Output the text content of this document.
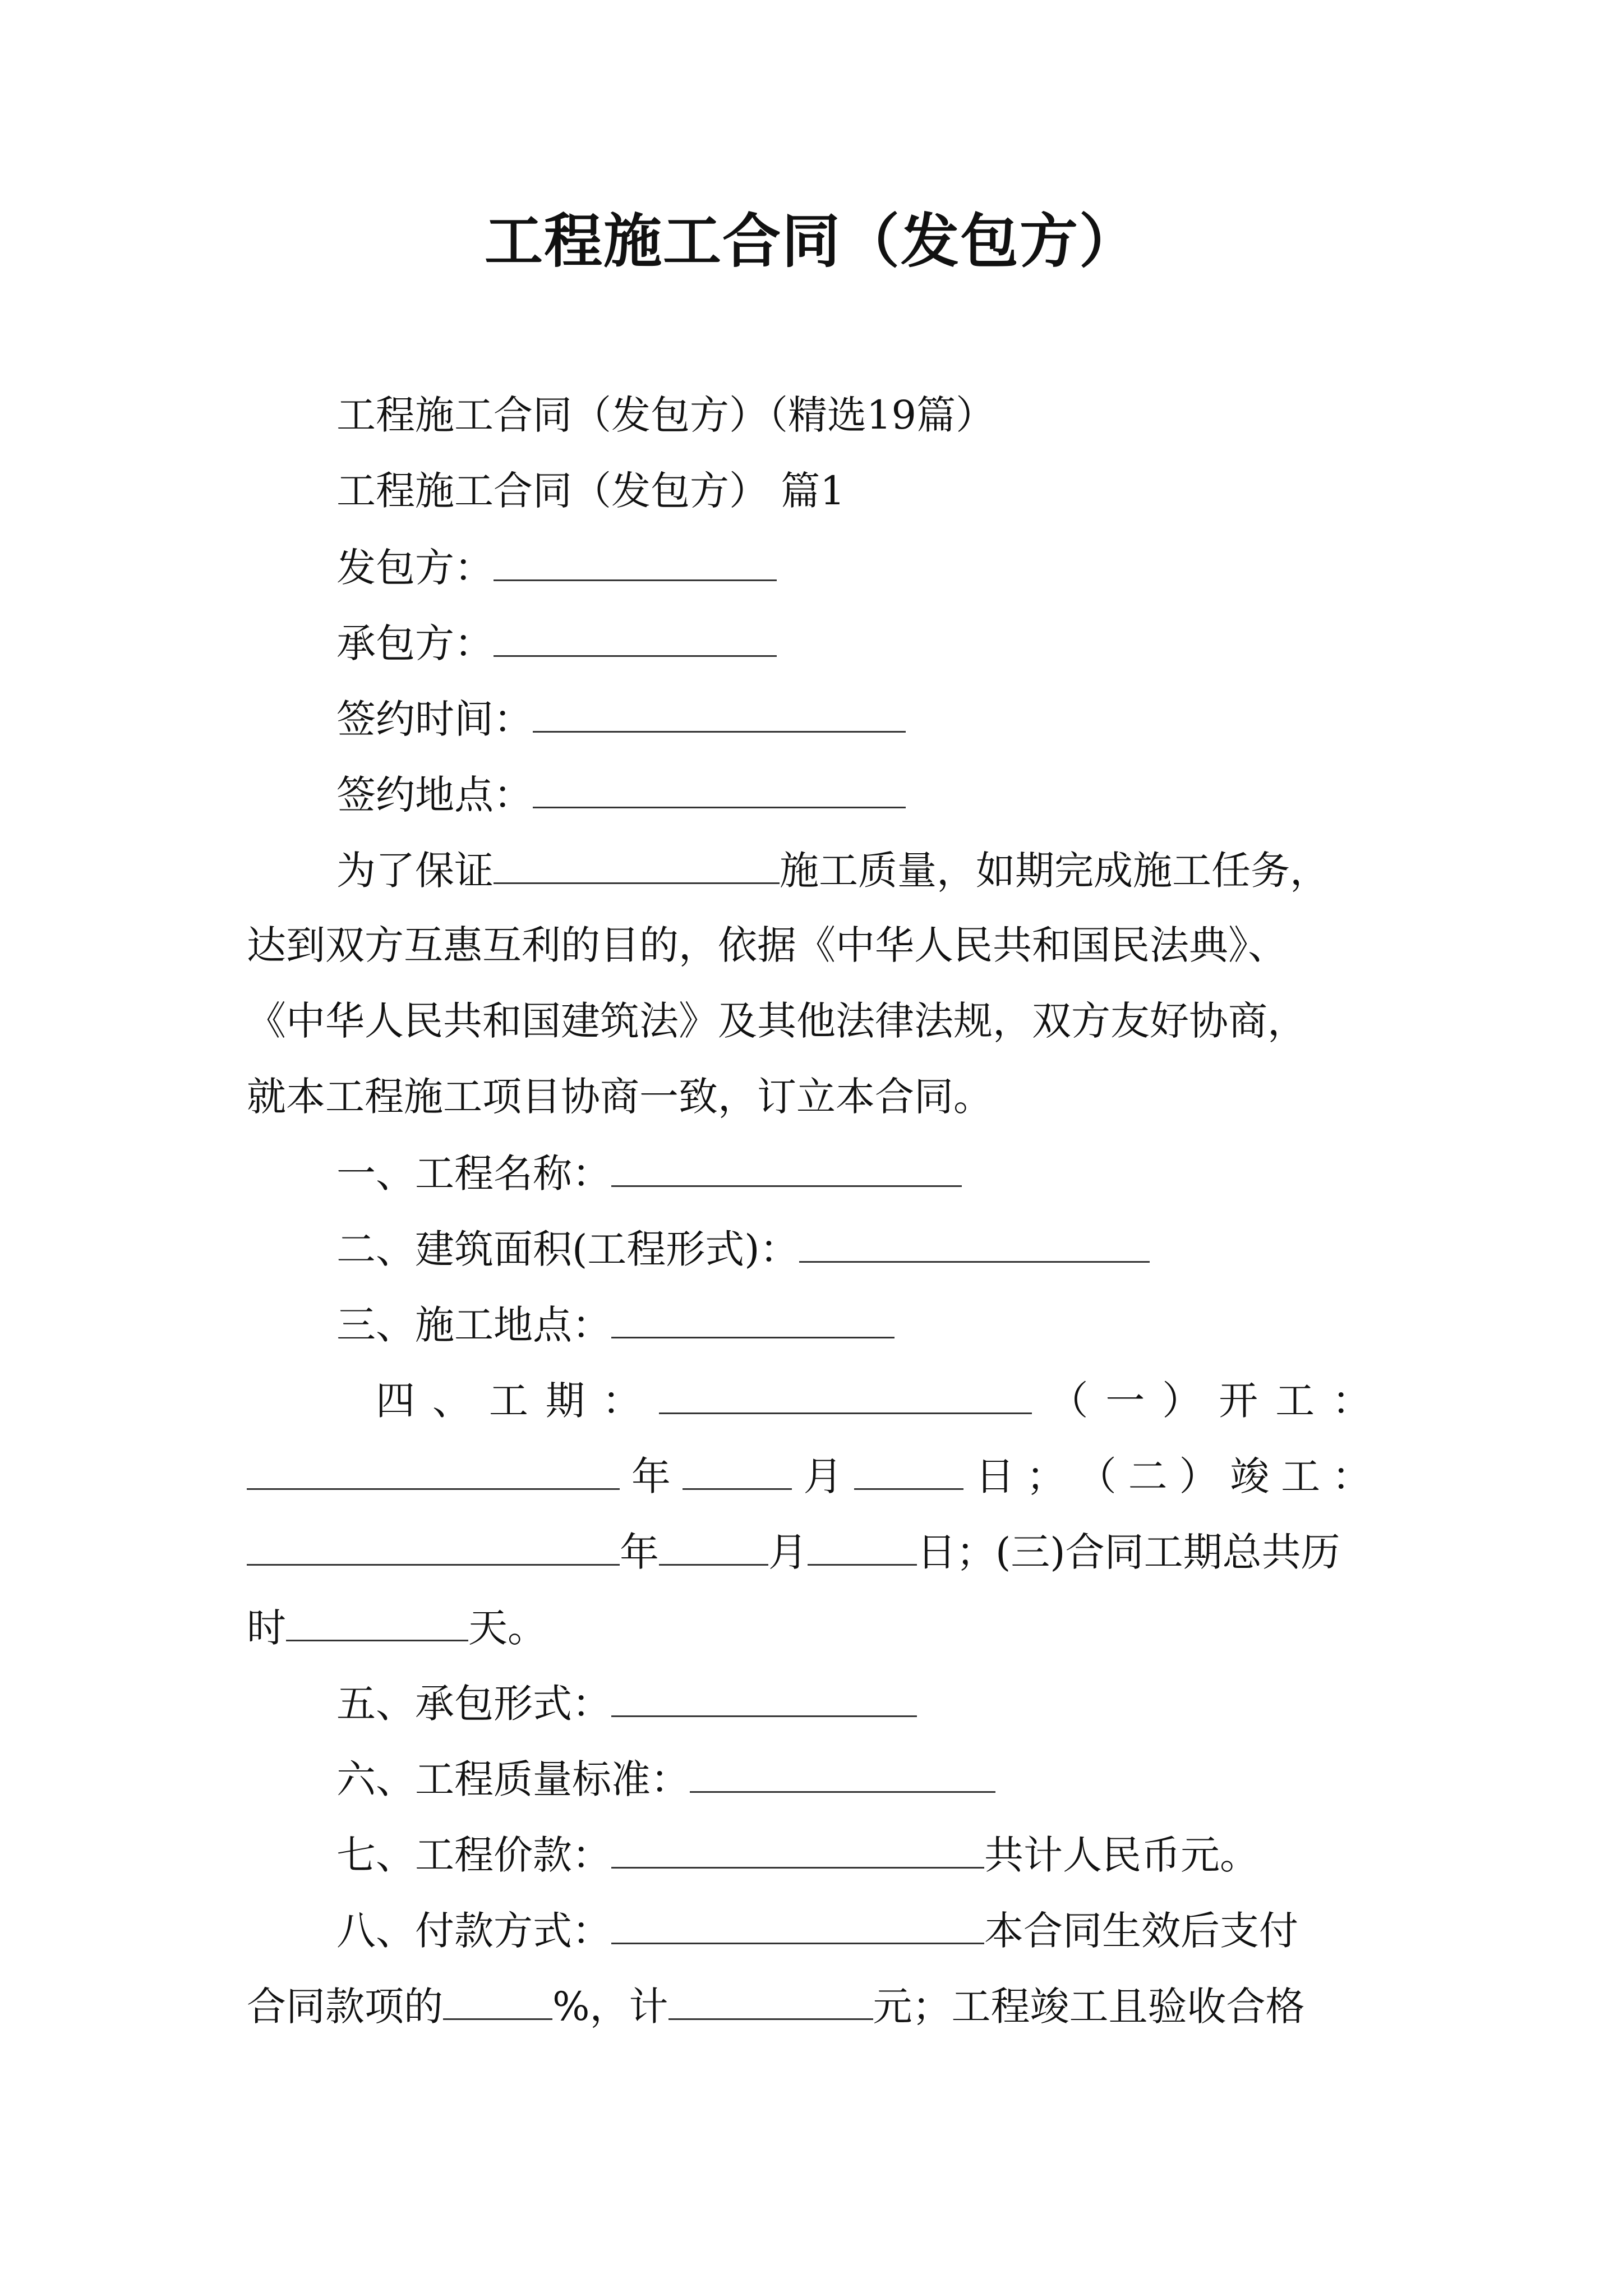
工程施工合同（发包方）
工程施工合同（发包方）（精选19篇）
工程施工合同（发包方） 篇1
发包方：
承包方：
签约时间：
签约地点：
为了保证	施工质量，如期完成施工任务，
达到双方互惠互利的目的，依据《中华人民共和国民法典》、
《中华人民共和国建筑法》及其他法律法规，双方友好协商，
就本工程施工项目协商一致，订立本合同。
一、工程名称：
二、建筑面积(工程形式)：
三、施工地点：
四 、 工 期 ：	（ 一 ） 开 工 ：
年	月	日 ； （ 二 ） 竣 工 ：
年	月	日；(三)合同工期总共历
时	天。
五、承包形式：
六、工程质量标准：
七、工程价款：	共计人民币元。
八、付款方式：	本合同生效后支付
合同款项的	%，计	元；工程竣工且验收合格
